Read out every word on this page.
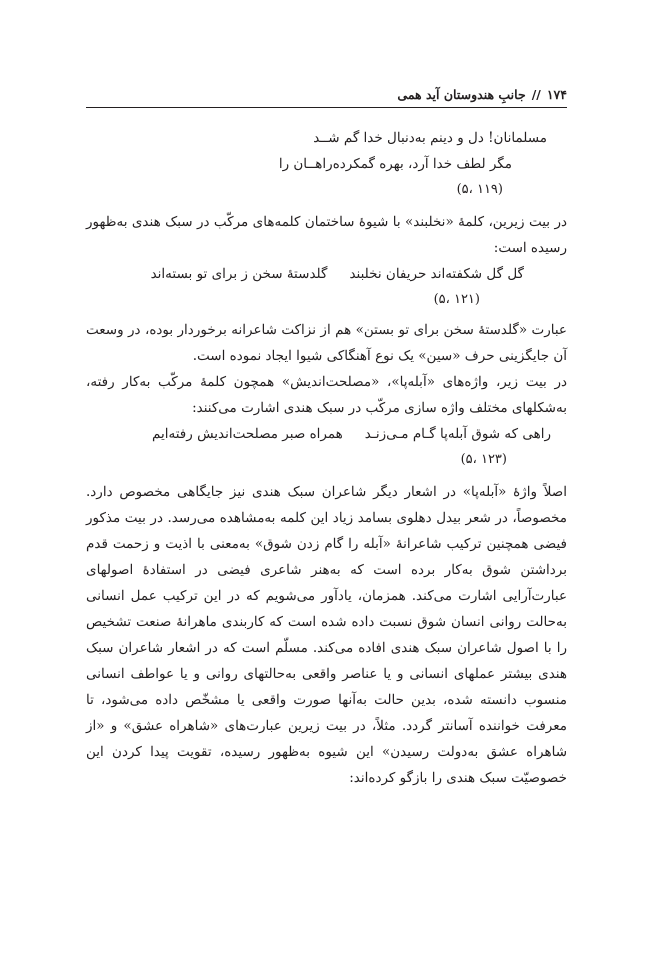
۱۷۴
//
جانبِ هندوستان آید همی
مسلمانان! دل و دینم به‌دنبال خدا گم شــد
مگر لطف خدا آرد، بهره گمکرده‌راهــان را
(۱۱۹ ،۵)

در بیت زیرین، کلمهٔ «نخلبند» با شیوهٔ ساختمان کلمه‌های مرکّب در سبک هندی به‌ظهور رسیده است:

گل گل شکفته‌اند حریفان نخلبندگلدستهٔ سخن ز برای تو بسته‌اند
(۱۲۱ ،۵)

عبارت «گلدستهٔ سخن برای تو بستن» هم از نزاکت شاعرانه برخوردار بوده، در وسعت آن جایگزینی حرف «سین» یک نوع آهنگاکی شیوا ایجاد نموده است.

در بیت زیر، واژه‌های «آبله‌پا»، «مصلحت‌اندیش» همچون کلمهٔ مرکّب به‌کار رفته، به‌شکلهای مختلف واژه سازی مرکّب در سبک هندی اشارت می‌کنند:

راهی که شوق آبله‌پا گـام مـی‌زنـدهمراه صبر مصلحت‌اندیش رفته‌ایم
(۱۲۳ ،۵)

اصلاً واژهٔ «آبله‌پا» در اشعار دیگر شاعران سبک هندی نیز جایگاهی مخصوص دارد. مخصوصاً، در شعر بیدل دهلوی بسامد زیاد این کلمه به‌مشاهده می‌رسد. در بیت مذکور فیضی همچنین ترکیب شاعرانهٔ «آبله را گام زدن شوق» به‌معنی با اذیت و زحمت قدم برداشتن شوق به‌کار برده است که به‌هنر شاعری فیضی در استفادهٔ اصولهای عبارت‌آرایی اشارت می‌کند. همزمان، یادآور می‌شویم که در این ترکیب عمل انسانی به‌حالت روانی انسان شوق نسبت داده شده است که کاربندی ماهرانهٔ صنعت تشخیص را با اصول شاعران سبک هندی افاده می‌کند. مسلّم است که در اشعار شاعران سبک هندی بیشتر عملهای انسانی و یا عناصر واقعی به‌حالتهای روانی و یا عواطف انسانی منسوب دانسته شده، بدین حالت به‌آنها صورت واقعی یا مشخّص داده می‌شود، تا معرفت خواننده آسانتر گردد. مثلاً، در بیت زیرین عبارت‌های «شاهراه عشق» و «از شاهراه عشق به‌دولت رسیدن» این شیوه به‌ظهور رسیده، تقویت پیدا کردن این خصوصیّت سبک هندی را بازگو کرده‌اند:
